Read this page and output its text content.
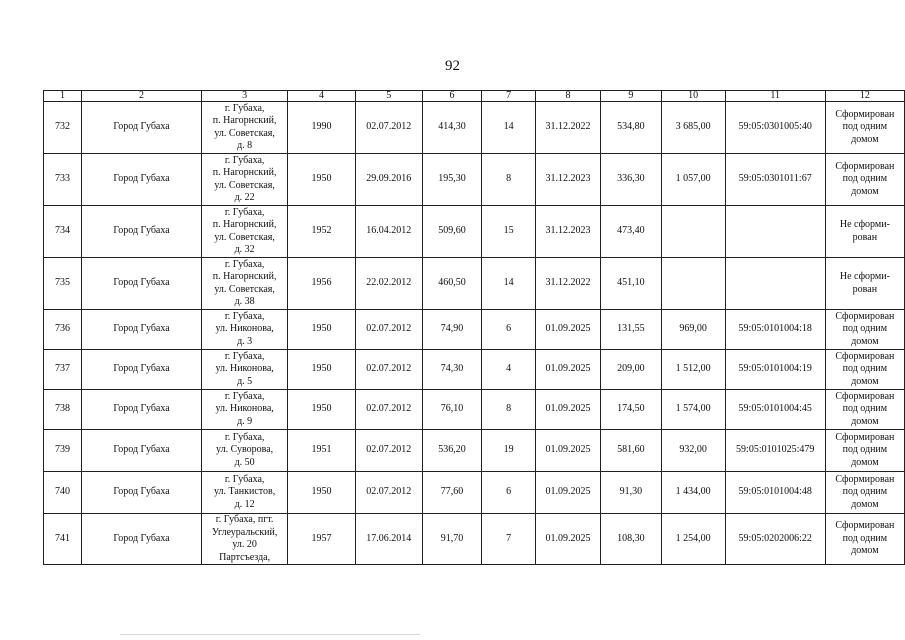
92
1	2	3	4	5	6	7	8	9	10	11	12
732	Город Губаха	г. Губаха,
п. Нагорнский,
ул. Советская,
д. 8	1990	02.07.2012	414,30	14	31.12.2022	534,80	3 685,00	59:05:0301005:40	Сформирован
под одним
домом
733	Город Губаха	г. Губаха,
п. Нагорнский,
ул. Советская,
д. 22	1950	29.09.2016	195,30	8	31.12.2023	336,30	1 057,00	59:05:0301011:67	Сформирован
под одним
домом
734	Город Губаха	г. Губаха,
п. Нагорнский,
ул. Советская,
д. 32	1952	16.04.2012	509,60	15	31.12.2023	473,40			Не сформи-
рован
735	Город Губаха	г. Губаха,
п. Нагорнский,
ул. Советская,
д. 38	1956	22.02.2012	460,50	14	31.12.2022	451,10			Не сформи-
рован
736	Город Губаха	г. Губаха,
ул. Никонова,
д. 3	1950	02.07.2012	74,90	6	01.09.2025	131,55	969,00	59:05:0101004:18	Сформирован
под одним
домом
737	Город Губаха	г. Губаха,
ул. Никонова,
д. 5	1950	02.07.2012	74,30	4	01.09.2025	209,00	1 512,00	59:05:0101004:19	Сформирован
под одним
домом
738	Город Губаха	г. Губаха,
ул. Никонова,
д. 9	1950	02.07.2012	76,10	8	01.09.2025	174,50	1 574,00	59:05:0101004:45	Сформирован
под одним
домом
739	Город Губаха	г. Губаха,
ул. Суворова,
д. 50	1951	02.07.2012	536,20	19	01.09.2025	581,60	932,00	59:05:0101025:479	Сформирован
под одним
домом
740	Город Губаха	г. Губаха,
ул. Танкистов,
д. 12	1950	02.07.2012	77,60	6	01.09.2025	91,30	1 434,00	59:05:0101004:48	Сформирован
под одним
домом
741	Город Губаха	г. Губаха, пгт.
Углеуральский,
ул. 20
Партсъезда,	1957	17.06.2014	91,70	7	01.09.2025	108,30	1 254,00	59:05:0202006:22	Сформирован
под одним
домом
